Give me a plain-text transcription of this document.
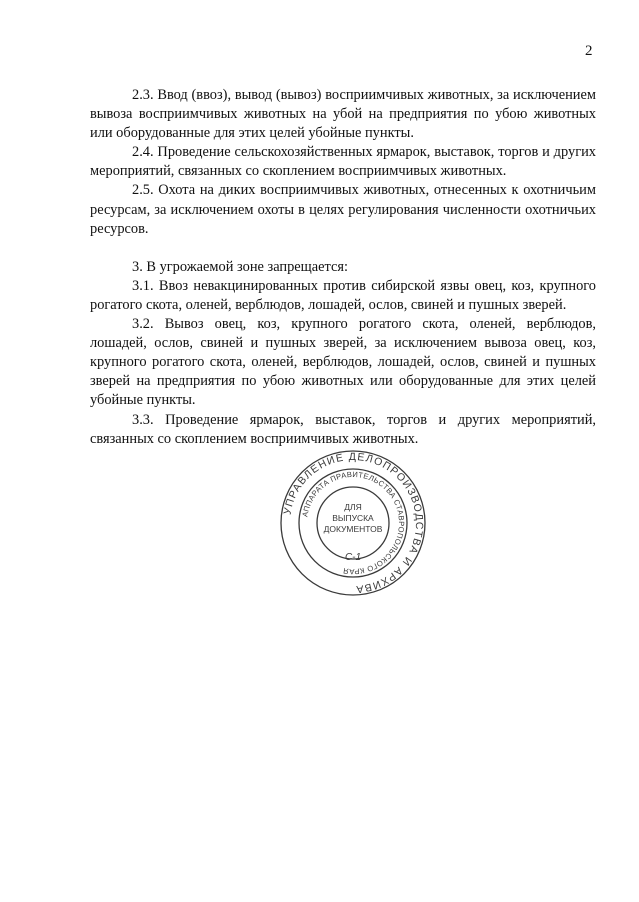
2

2.3. Ввод (ввоз), вывод (вывоз) восприимчивых животных, за исключением вывоза восприимчивых животных на убой на предприятия по убою животных или оборудованные для этих целей убойные пункты.

2.4. Проведение сельскохозяйственных ярмарок, выставок, торгов и других мероприятий, связанных со скоплением восприимчивых животных.

2.5. Охота на диких восприимчивых животных, отнесенных к охотничьим ресурсам, за исключением охоты в целях регулирования численности охотничьих ресурсов.

3. В угрожаемой зоне запрещается:

3.1. Ввоз невакцинированных против сибирской язвы овец, коз, крупного рогатого скота, оленей, верблюдов, лошадей, ослов, свиней и пушных зверей.

3.2. Вывоз овец, коз, крупного рогатого скота, оленей, верблюдов, лошадей, ослов, свиней и пушных зверей, за исключением вывоза овец, коз, крупного рогатого скота, оленей, верблюдов, лошадей, ослов, свиней и пушных зверей на предприятия по убою животных или оборудованные для этих целей убойные пункты.

3.3. Проведение ярмарок, выставок, торгов и других мероприятий, связанных со скоплением восприимчивых животных.

УПРАВЛЕНИЕ ДЕЛОПРОИЗВОДСТВА И АРХИВА
АППАРАТА ПРАВИТЕЛЬСТВА СТАВРОПОЛЬСКОГО КРАЯ
ДЛЯ
ВЫПУСКА
ДОКУМЕНТОВ
С-1
